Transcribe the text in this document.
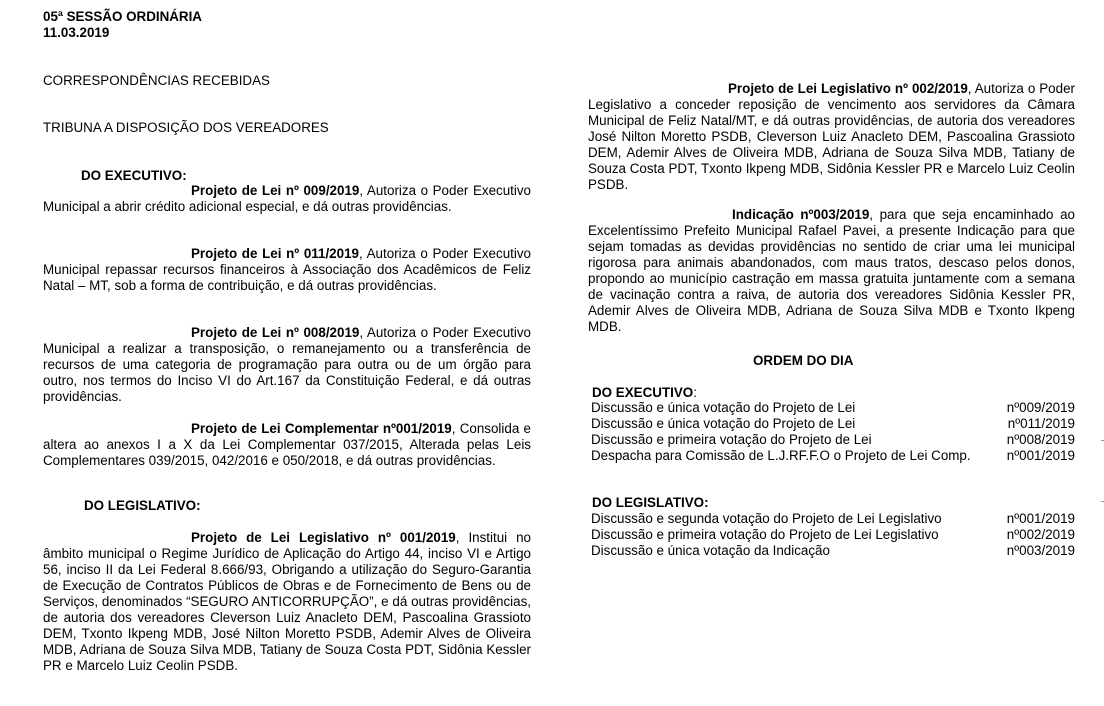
05ª SESSÃO ORDINÁRIA
11.03.2019
CORRESPONDÊNCIAS RECEBIDAS
TRIBUNA A DISPOSIÇÃO DOS VEREADORES
DO EXECUTIVO:

Projeto de Lei nº 009/2019, Autoriza o Poder Executivo Municipal a abrir crédito adicional especial, e dá outras providências.

Projeto de Lei nº 011/2019, Autoriza o Poder Executivo Municipal repassar recursos financeiros à Associação dos Acadêmicos de Feliz Natal – MT, sob a forma de contribuição, e dá outras providências.

Projeto de Lei nº 008/2019, Autoriza o Poder Executivo Municipal a realizar a transposição, o remanejamento ou a transferência de recursos de uma categoria de programação para outra ou de um órgão para outro, nos termos do Inciso VI do Art.167 da Constituição Federal, e dá outras providências.

Projeto de Lei Complementar nº001/2019, Consolida e altera ao anexos I a X da Lei Complementar 037/2015, Alterada pelas Leis Complementares 039/2015, 042/2016 e 050/2018, e dá outras providências.

DO LEGISLATIVO:

Projeto de Lei Legislativo nº 001/2019, Institui no âmbito municipal o Regime Jurídico de Aplicação do Artigo 44, inciso VI e Artigo 56, inciso II da Lei Federal 8.666/93, Obrigando a utilização do Seguro-Garantia de Execução de Contratos Públicos de Obras e de Fornecimento de Bens ou de Serviços, denominados “SEGURO ANTICORRUPÇÃO”, e dá outras providências, de autoria dos vereadores Cleverson Luiz Anacleto DEM, Pascoalina Grassioto DEM, Txonto Ikpeng MDB, José Nilton Moretto PSDB, Ademir Alves de Oliveira MDB, Adriana de Souza Silva MDB, Tatiany de Souza Costa PDT, Sidônia Kessler PR e Marcelo Luiz Ceolin PSDB.

Projeto de Lei Legislativo nº 002/2019, Autoriza o Poder Legislativo a conceder reposição de vencimento aos servidores da Câmara Municipal de Feliz Natal/MT, e dá outras providências, de autoria dos vereadores José Nilton Moretto PSDB, Cleverson Luiz Anacleto DEM, Pascoalina Grassioto DEM, Ademir Alves de Oliveira MDB, Adriana de Souza Silva MDB, Tatiany de Souza Costa PDT, Txonto Ikpeng MDB, Sidônia Kessler PR e Marcelo Luiz Ceolin PSDB.

Indicação nº003/2019, para que seja encaminhado ao Excelentíssimo Prefeito Municipal Rafael Pavei, a presente Indicação para que sejam tomadas as devidas providências no sentido de criar uma lei municipal rigorosa para animais abandonados, com maus tratos, descaso pelos donos, propondo ao município castração em massa gratuita juntamente com a semana de vacinação contra a raiva, de autoria dos vereadores Sidônia Kessler PR, Ademir Alves de Oliveira MDB, Adriana de Souza Silva MDB e Txonto Ikpeng MDB.

ORDEM DO DIA
DO EXECUTIVO:
Discussão e única votação do Projeto de Lei	nº009/2019
Discussão e única votação do Projeto de Lei	nº011/2019
Discussão e primeira votação do Projeto de Lei	nº008/2019
Despacha para Comissão de L.J.RF.F.O o Projeto de Lei Comp.	nº001/2019
DO LEGISLATIVO:
Discussão e segunda votação do Projeto de Lei Legislativo	nº001/2019
Discussão e primeira votação do Projeto de Lei Legislativo	nº002/2019
Discussão e única votação da Indicação	nº003/2019
